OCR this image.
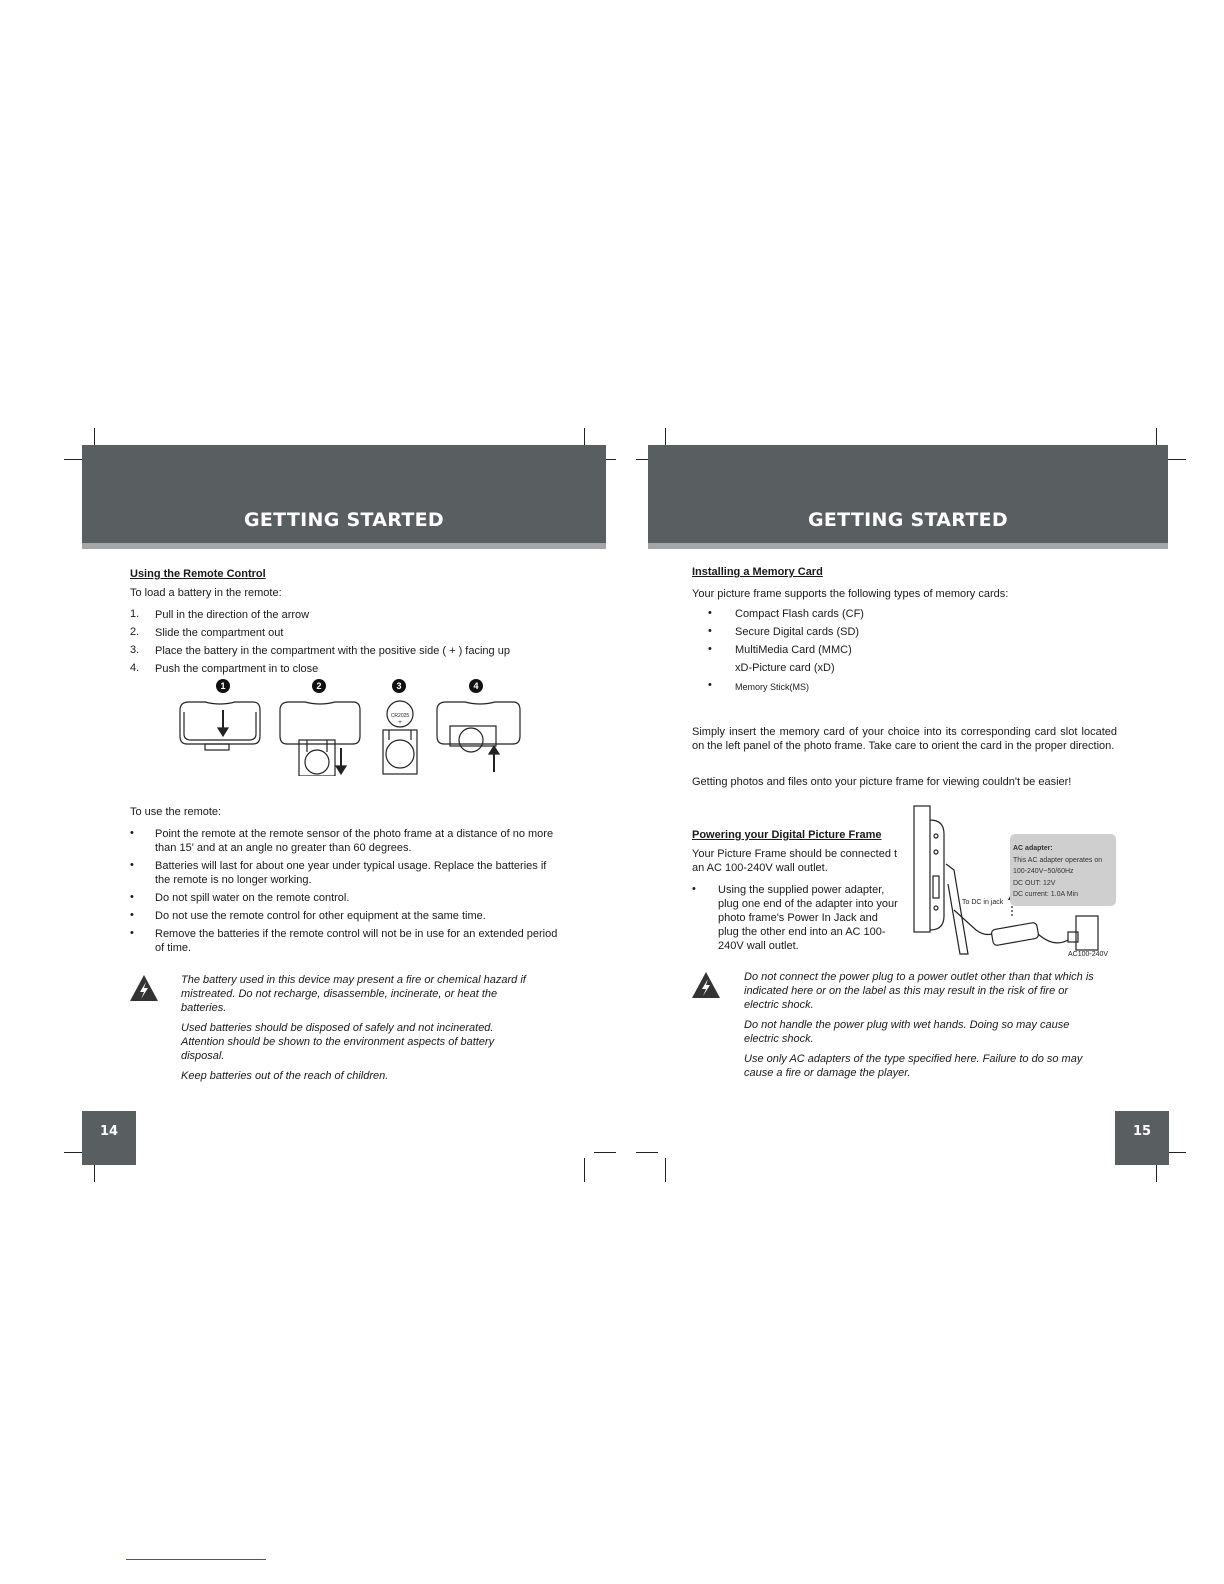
GETTING STARTED
Using the Remote Control
To load a battery in the remote:
1. Pull in the direction of the arrow
2. Slide the compartment out
3. Place the battery in the compartment with the positive side ( + ) facing up
4. Push the compartment in to close
1	2	3	4
CR2025
+
To use the remote:
• Point the remote at the remote sensor of the photo frame at a distance of no more than 15' and at an angle no greater than 60 degrees.
• Batteries will last for about one year under typical usage. Replace the batteries if the remote is no longer working.
• Do not spill water on the remote control.
• Do not use the remote control for other equipment at the same time.
• Remove the batteries if the remote control will not be in use for an extended period of time.
The battery used in this device may present a fire or chemical hazard if mistreated. Do not recharge, disassemble, incinerate, or heat the batteries.
Used batteries should be disposed of safely and not incinerated. Attention should be shown to the environment aspects of battery disposal.
Keep batteries out of the reach of children.
14
GETTING STARTED
Installing a Memory Card
Your picture frame supports the following types of memory cards:
• Compact Flash cards (CF)
• Secure Digital cards (SD)
• MultiMedia Card (MMC)
xD-Picture card (xD)
•	Memory Stick(MS)
Simply insert the memory card of your choice into its corresponding card slot located on the left panel of the photo frame. Take care to orient the card in the proper direction.
Getting photos and files onto your picture frame for viewing couldn't be easier!
Powering your Digital Picture Frame
Your Picture Frame should be connected t an AC 100-240V wall outlet.
• Using the supplied power adapter, plug one end of the adapter into your photo frame's Power In Jack and plug the other end into an AC 100-240V wall outlet.
To DC in jack
AC100-240V
AC adapter:
This AC adapter operates on
100-240V~50/60Hz
DC OUT: 12V
DC current: 1.0A Min
Do not connect the power plug to a power outlet other than that which is indicated here or on the label as this may result in the risk of fire or electric shock.
Do not handle the power plug with wet hands. Doing so may cause electric shock.
Use only AC adapters of the type specified here. Failure to do so may cause a fire or damage the player.
15
